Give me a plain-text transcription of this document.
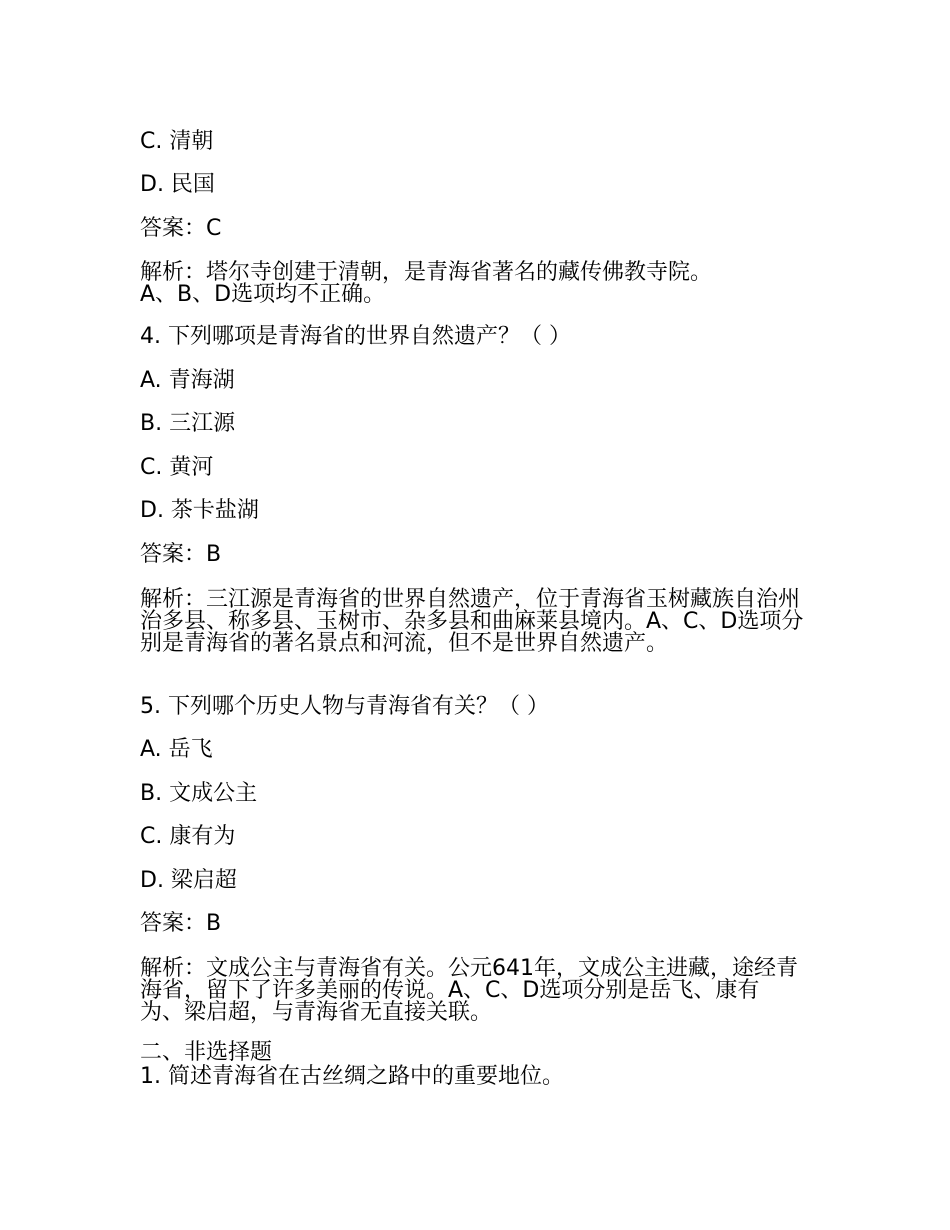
C. 清朝
D. 民国
答案：C
解析：塔尔寺创建于清朝，是青海省著名的藏传佛教寺院。A、B、D选项均不正确。
4. 下列哪项是青海省的世界自然遗产？（ ）
A. 青海湖
B. 三江源
C. 黄河
D. 茶卡盐湖
答案：B
解析：三江源是青海省的世界自然遗产，位于青海省玉树藏族自治州治多县、称多县、玉树市、杂多县和曲麻莱县境内。A、C、D选项分别是青海省的著名景点和河流，但不是世界自然遗产。
5. 下列哪个历史人物与青海省有关？（ ）
A. 岳飞
B. 文成公主
C. 康有为
D. 梁启超
答案：B
解析：文成公主与青海省有关。公元641年，文成公主进藏，途经青海省，留下了许多美丽的传说。A、C、D选项分别是岳飞、康有为、梁启超，与青海省无直接关联。
二、非选择题
1. 简述青海省在古丝绸之路中的重要地位。
